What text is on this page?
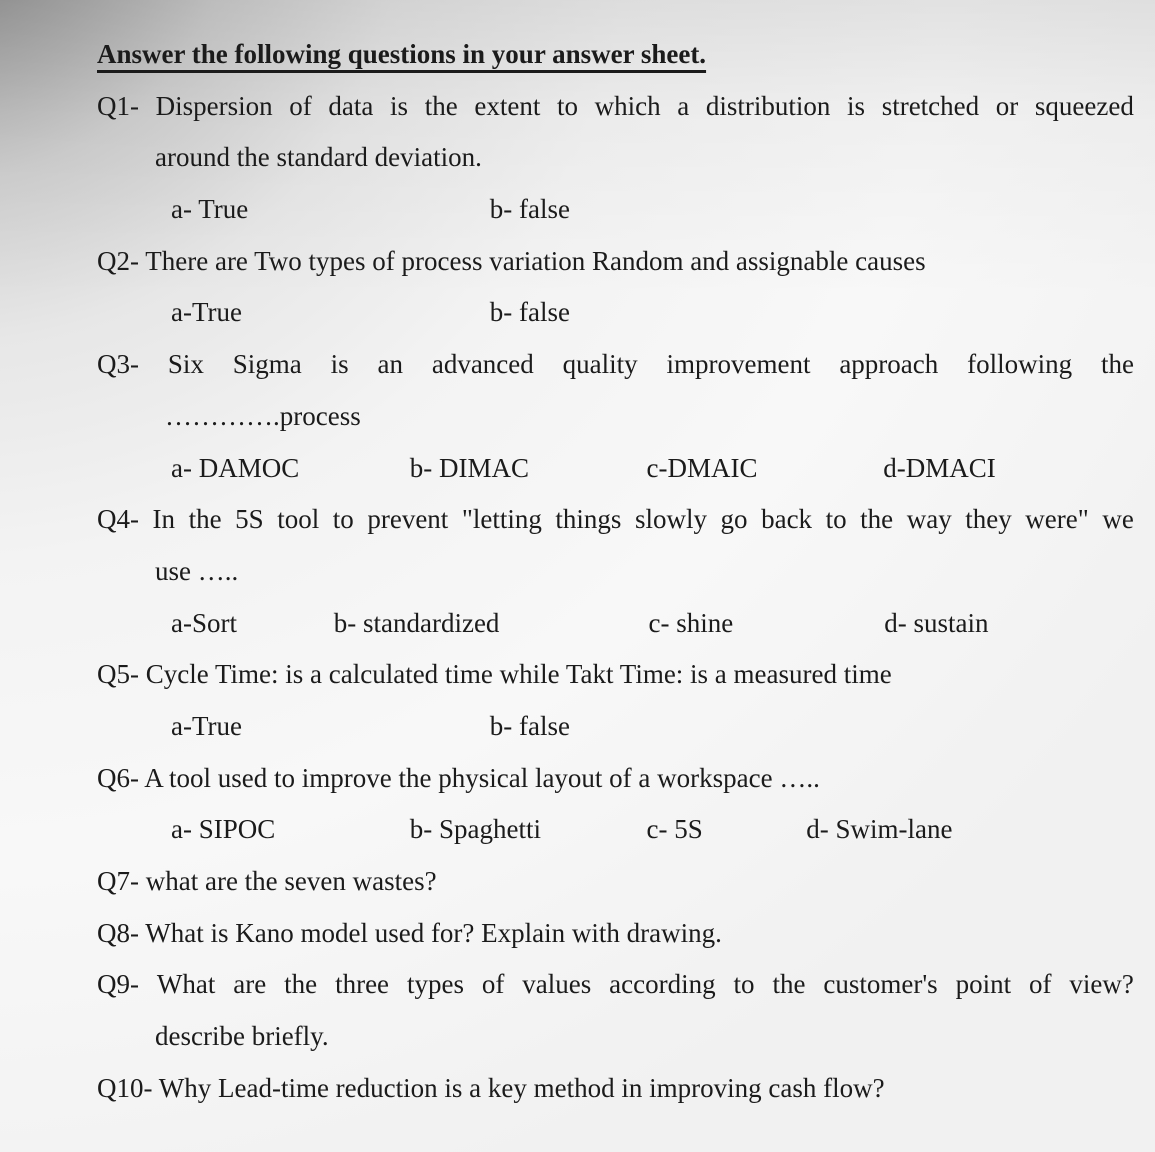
Answer the following questions in your answer sheet.
Q1- Dispersion of data is the extent to which a distribution is stretched or squeezed
around the standard deviation.
a- True	b- false
Q2- There are Two types of process variation Random and assignable causes
a-True	b- false
Q3- Six Sigma is an advanced quality improvement approach following the
………….process
a- DAMOC	b- DIMAC	c-DMAIC	d-DMACI
Q4- In the 5S tool to prevent "letting things slowly go back to the way they were" we
use …..
a-Sort	b- standardized	c- shine	d- sustain
Q5- Cycle Time: is a calculated time while Takt Time: is a measured time
a-True	b- false
Q6- A tool used to improve the physical layout of a workspace …..
a- SIPOC	b- Spaghetti	c- 5S	d- Swim-lane
Q7- what are the seven wastes?
Q8- What is Kano model used for? Explain with drawing.
Q9- What are the three types of values according to the customer's point of view?
describe briefly.
Q10- Why Lead-time reduction is a key method in improving cash flow?
